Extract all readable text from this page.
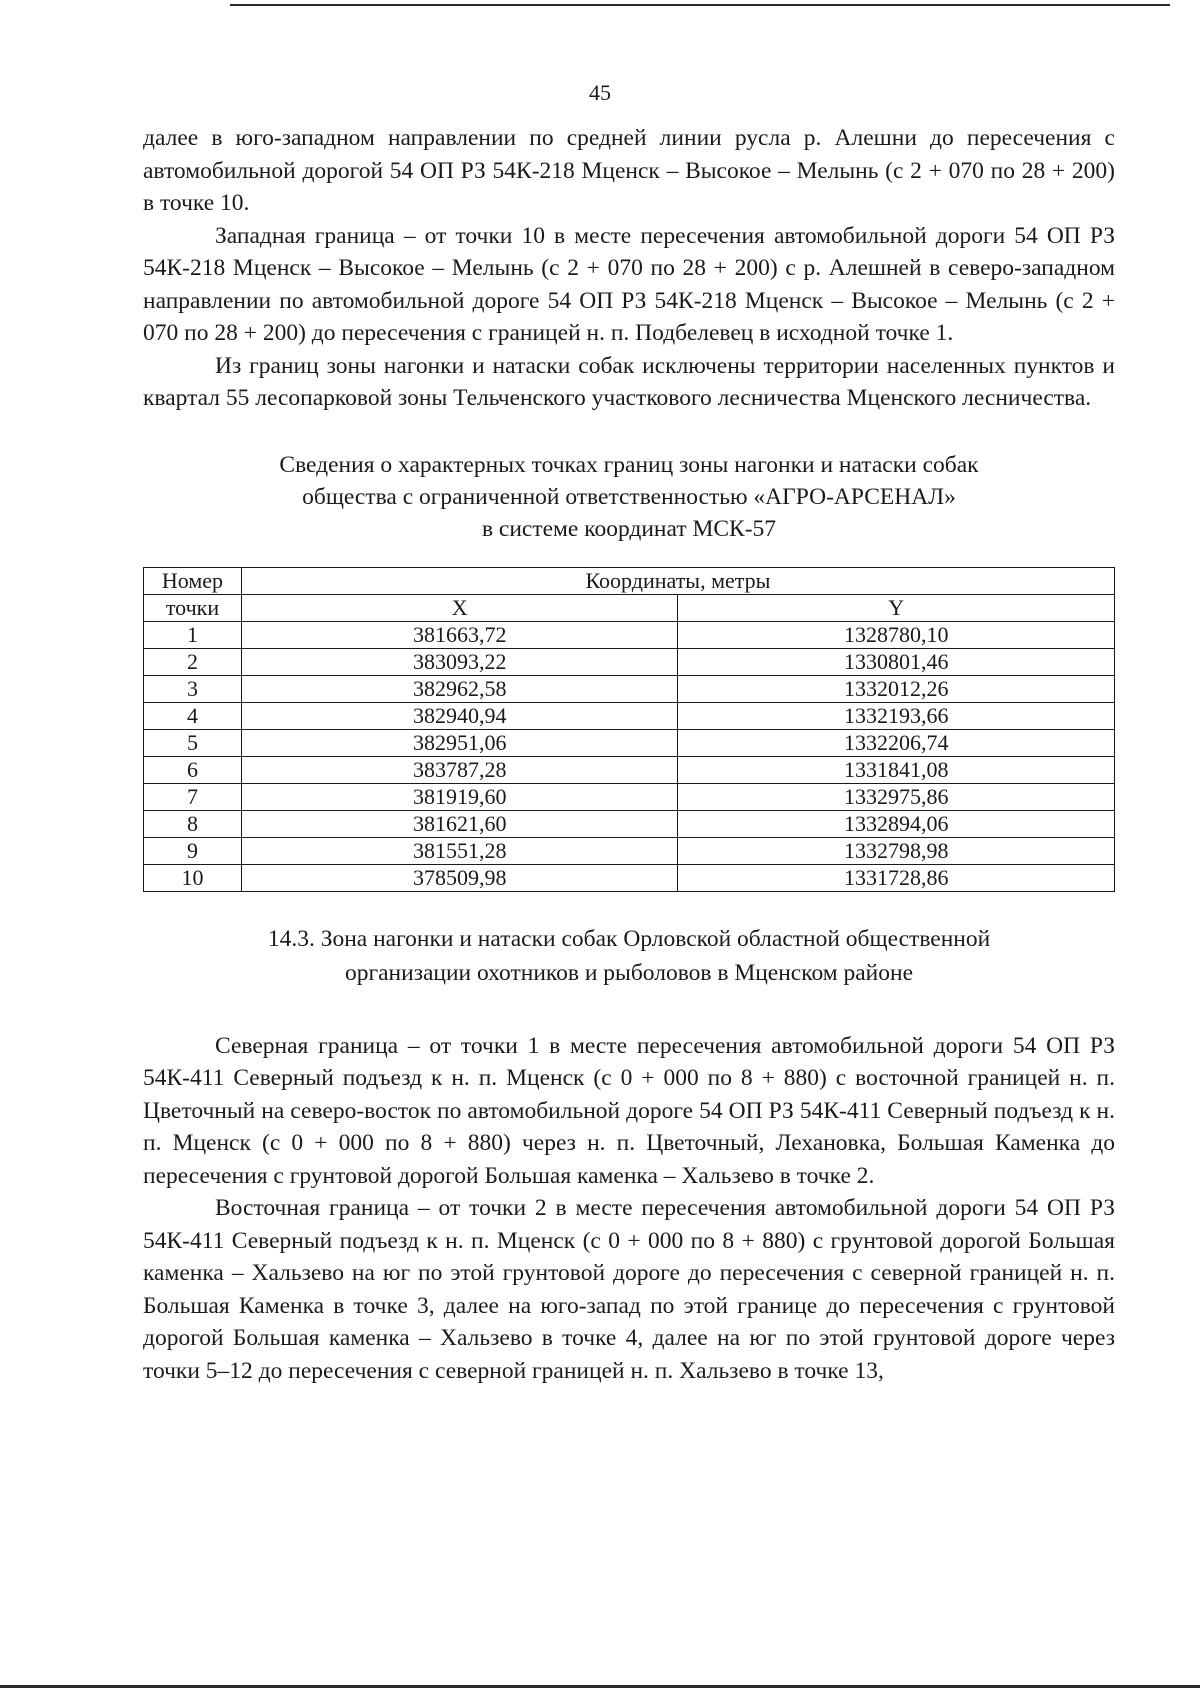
45

далее в юго-западном направлении по средней линии русла р. Алешни до пересечения с автомобильной дорогой 54 ОП РЗ 54К-218 Мценск – Высокое – Мелынь (с 2 + 070 по 28 + 200) в точке 10.

Западная граница – от точки 10 в месте пересечения автомобильной дороги 54 ОП РЗ 54К-218 Мценск – Высокое – Мелынь (с 2 + 070 по 28 + 200) с р. Алешней в северо-западном направлении по автомобильной дороге 54 ОП РЗ 54К-218 Мценск – Высокое – Мелынь (с 2 + 070 по 28 + 200) до пересечения с границей н. п. Подбелевец в исходной точке 1.

Из границ зоны нагонки и натаски собак исключены территории населенных пунктов и квартал 55 лесопарковой зоны Тельченского участкового лесничества Мценского лесничества.

Сведения о характерных точках границ зоны нагонки и натаски собак
общества с ограниченной ответственностью «АГРО-АРСЕНАЛ»
в системе координат МСК-57
Номер	Координаты, метры	
точки	X	Y
1	381663,72	1328780,10
2	383093,22	1330801,46
3	382962,58	1332012,26
4	382940,94	1332193,66
5	382951,06	1332206,74
6	383787,28	1331841,08
7	381919,60	1332975,86
8	381621,60	1332894,06
9	381551,28	1332798,98
10	378509,98	1331728,86
14.3. Зона нагонки и натаски собак Орловской областной общественной
организации охотников и рыболовов в Мценском районе

Северная граница – от точки 1 в месте пересечения автомобильной дороги 54 ОП РЗ 54К-411 Северный подъезд к н. п. Мценск (с 0 + 000 по 8 + 880) с восточной границей н. п. Цветочный на северо-восток по автомобильной дороге 54 ОП РЗ 54К-411 Северный подъезд к н. п. Мценск (с 0 + 000 по 8 + 880) через н. п. Цветочный, Лехановка, Большая Каменка до пересечения с грунтовой дорогой Большая каменка – Хальзево в точке 2.

Восточная граница – от точки 2 в месте пересечения автомобильной дороги 54 ОП РЗ 54К-411 Северный подъезд к н. п. Мценск (с 0 + 000 по 8 + 880) с грунтовой дорогой Большая каменка – Хальзево на юг по этой грунтовой дороге до пересечения с северной границей н. п. Большая Каменка в точке 3, далее на юго-запад по этой границе до пересечения с грунтовой дорогой Большая каменка – Хальзево в точке 4, далее на юг по этой грунтовой дороге через точки 5–12 до пересечения с северной границей н. п. Хальзево в точке 13,
